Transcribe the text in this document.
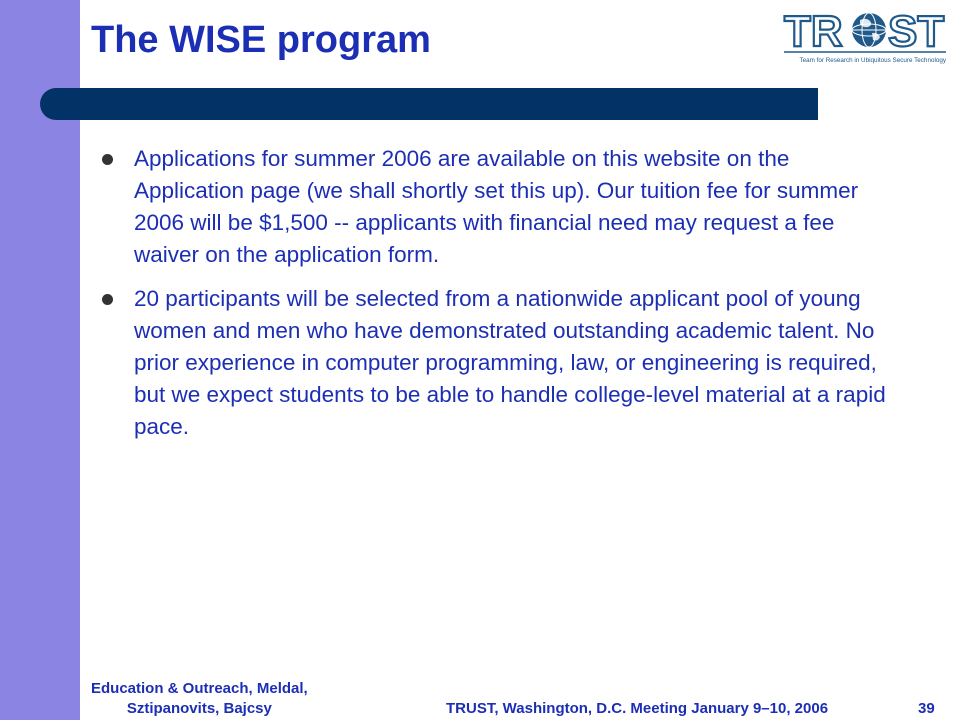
The WISE program	TR ST
Team for Research in Ubiquitous Secure Technology
Applications for summer 2006 are available on this website on the Application page (we shall shortly set this up). Our tuition fee for summer 2006 will be $1,500 -- applicants with financial need may request a fee waiver on the application form.
20 participants will be selected from a nationwide applicant pool of young women and men who have demonstrated outstanding academic talent. No prior experience in computer programming, law, or engineering is required, but we expect students to be able to handle college-level material at a rapid pace.
Education & Outreach, Meldal,
Sztipanovits, Bajcsy	TRUST, Washington, D.C. Meeting January 9–10, 2006	39
